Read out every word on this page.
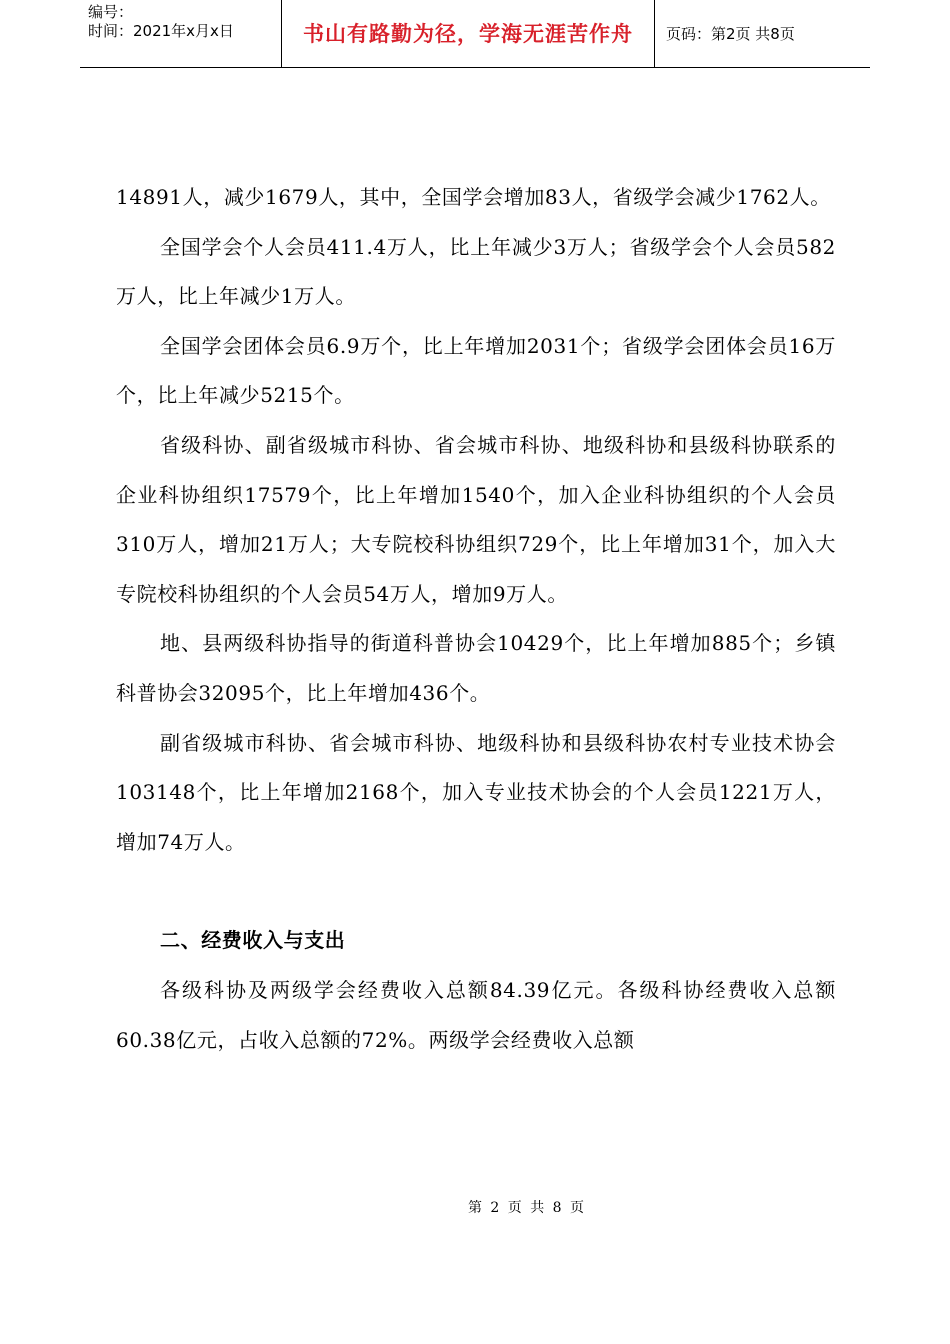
编号：
时间：2021年x月x日	书山有路勤为径，学海无涯苦作舟 页码：第2页 共8页

14891人，减少1679人，其中，全国学会增加83人，省级学会减少1762人。

全国学会个人会员411.4万人，比上年减少3万人；省级学会个人会员582万人，比上年减少1万人。

全国学会团体会员6.9万个，比上年增加2031个；省级学会团体会员16万个，比上年减少5215个。

省级科协、副省级城市科协、省会城市科协、地级科协和县级科协联系的企业科协组织17579个，比上年增加1540个，加入企业科协组织的个人会员310万人，增加21万人；大专院校科协组织729个，比上年增加31个，加入大专院校科协组织的个人会员54万人，增加9万人。

地、县两级科协指导的街道科普协会10429个，比上年增加885个；乡镇科普协会32095个，比上年增加436个。

副省级城市科协、省会城市科协、地级科协和县级科协农村专业技术协会103148个，比上年增加2168个，加入专业技术协会的个人会员1221万人，增加74万人。

二、经费收入与支出

各级科协及两级学会经费收入总额84.39亿元。各级科协经费收入总额60.38亿元，占收入总额的72%。两级学会经费收入总额

第 2 页 共 8 页
